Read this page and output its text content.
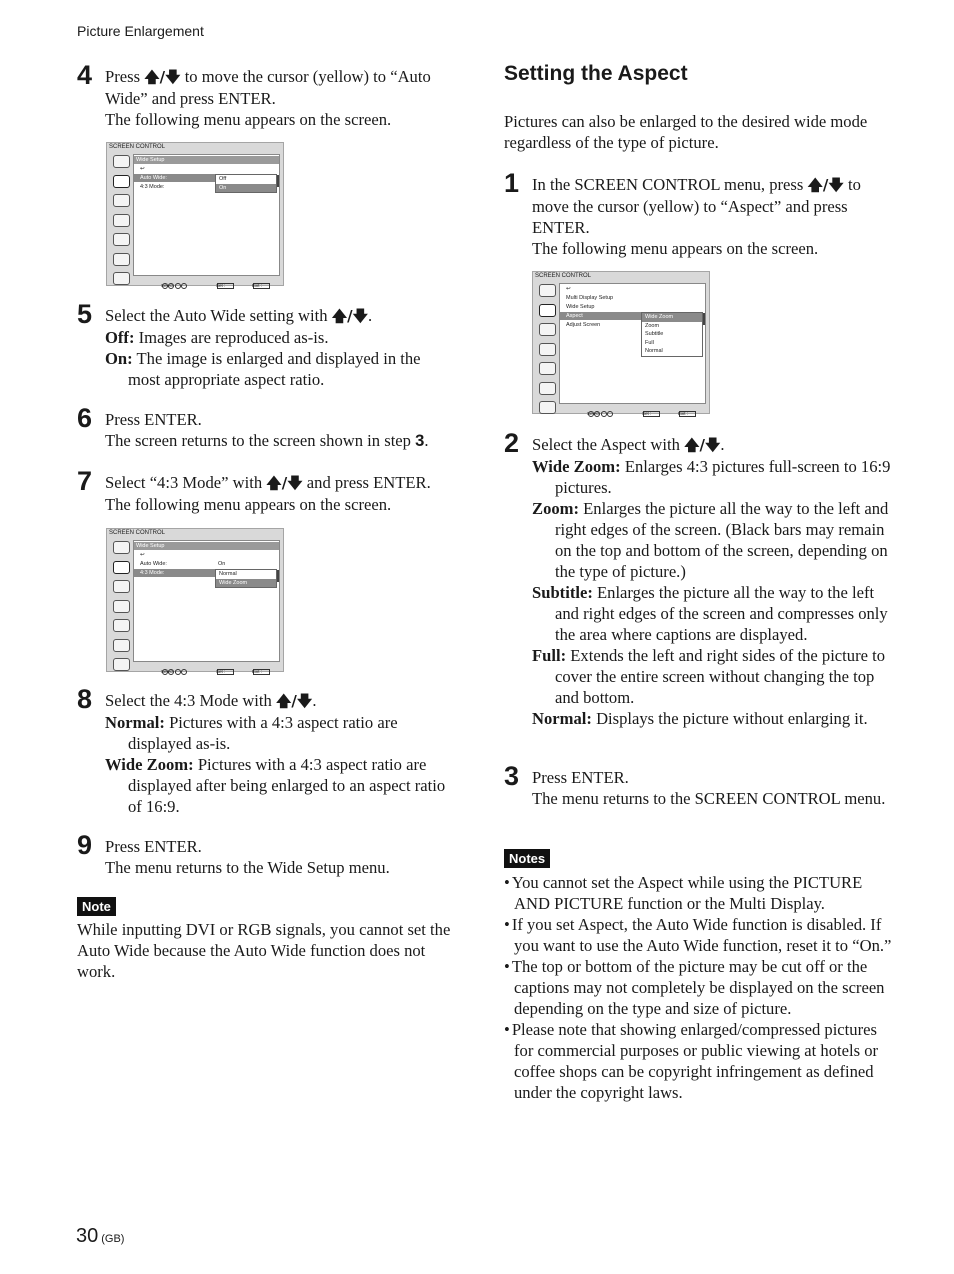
Picture Enlargement
4 Press 🡅/🡇 to move the cursor (yellow) to “Auto Wide” and press ENTER.

The following menu appears on the screen.

SCREEN CONTROL
Wide Setup
↩
Auto Wide:
4:3 Mode:
Off
On
Select :	Set :	Exit :
5 Select the Auto Wide setting with 🡅/🡇.

Off: Images are reproduced as-is.

On: The image is enlarged and displayed in the most appropriate aspect ratio.

6 Press ENTER.

The screen returns to the screen shown in step 3.

7 Select “4:3 Mode” with 🡅/🡇 and press ENTER.

The following menu appears on the screen.

SCREEN CONTROL
Wide Setup
↩
Auto Wide:	On
4:3 Mode:	Normal
Wide Zoom
Select :	Set :	Exit :
8 Select the 4:3 Mode with 🡅/🡇.

Normal: Pictures with a 4:3 aspect ratio are displayed as-is.

Wide Zoom: Pictures with a 4:3 aspect ratio are displayed after being enlarged to an aspect ratio of 16:9.

9 Press ENTER.

The menu returns to the Wide Setup menu.

Note

While inputting DVI or RGB signals, you cannot set the Auto Wide because the Auto Wide function does not work.

Setting the Aspect

Pictures can also be enlarged to the desired wide mode regardless of the type of picture.

1 In the SCREEN CONTROL menu, press 🡅/🡇 to move the cursor (yellow) to “Aspect” and press ENTER.

The following menu appears on the screen.

SCREEN CONTROL
↩
Multi Display Setup
Wide Setup
Aspect
Adjust Screen
Wide Zoom
Zoom
Subtitle
Full
Normal
Select :	Set :	Exit :
2 Select the Aspect with 🡅/🡇.

Wide Zoom: Enlarges 4:3 pictures full-screen to 16:9 pictures.

Zoom: Enlarges the picture all the way to the left and right edges of the screen. (Black bars may remain on the top and bottom of the screen, depending on the type of picture.)

Subtitle: Enlarges the picture all the way to the left and right edges of the screen and compresses only the area where captions are displayed.

Full: Extends the left and right sides of the picture to cover the entire screen without changing the top and bottom.

Normal: Displays the picture without enlarging it.

3 Press ENTER.

The menu returns to the SCREEN CONTROL menu.

Notes
• You cannot set the Aspect while using the PICTURE AND PICTURE function or the Multi Display.
• If you set Aspect, the Auto Wide function is disabled. If you want to use the Auto Wide function, reset it to “On.”
• The top or bottom of the picture may be cut off or the captions may not completely be displayed on the screen depending on the type and size of picture.
• Please note that showing enlarged/compressed pictures for commercial purposes or public viewing at hotels or coffee shops can be copyright infringement as defined under the copyright laws.
30 (GB)
